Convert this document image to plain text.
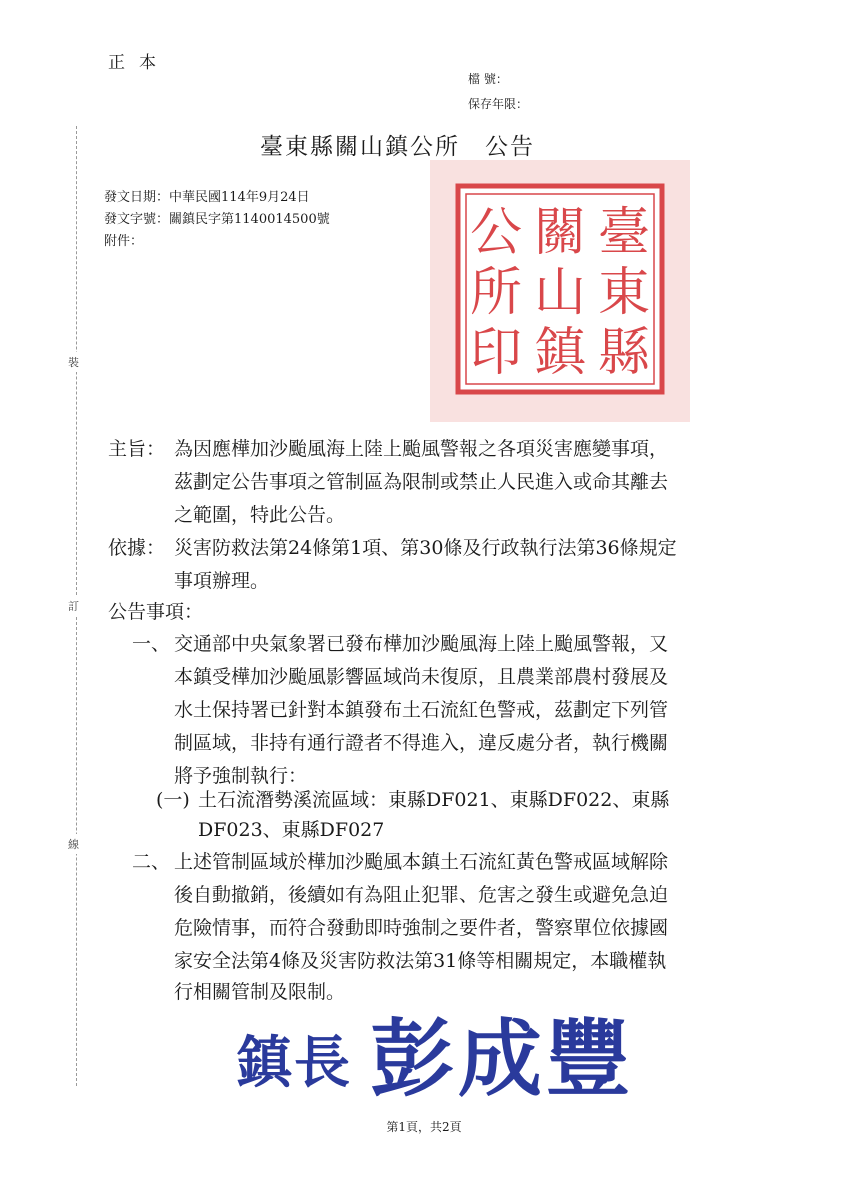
正本
檔 號：
保存年限：
臺東縣關山鎮公所　公告
發文日期：中華民國114年9月24日
發文字號：關鎮民字第1140014500號
附件：
裝
訂
線
臺
東
縣
關
山
鎮
公
所
印
主旨： 為因應樺加沙颱風海上陸上颱風警報之各項災害應變事項，
茲劃定公告事項之管制區為限制或禁止人民進入或命其離去
之範圍，特此公告。
依據： 災害防救法第24條第1項、第30條及行政執行法第36條規定
事項辦理。
公告事項：
一、 交通部中央氣象署已發布樺加沙颱風海上陸上颱風警報，又
本鎮受樺加沙颱風影響區域尚未復原，且農業部農村發展及
水土保持署已針對本鎮發布土石流紅色警戒，茲劃定下列管
制區域，非持有通行證者不得進入，違反處分者，執行機關
將予強制執行：
(一) 土石流潛勢溪流區域：東縣DF021、東縣DF022、東縣
DF023、東縣DF027
二、 上述管制區域於樺加沙颱風本鎮土石流紅黃色警戒區域解除
後自動撤銷，後續如有為阻止犯罪、危害之發生或避免急迫
危險情事，而符合發動即時強制之要件者，警察單位依據國
家安全法第4條及災害防救法第31條等相關規定，本職權執
行相關管制及限制。
鎮長 彭成豐
第1頁，共2頁
